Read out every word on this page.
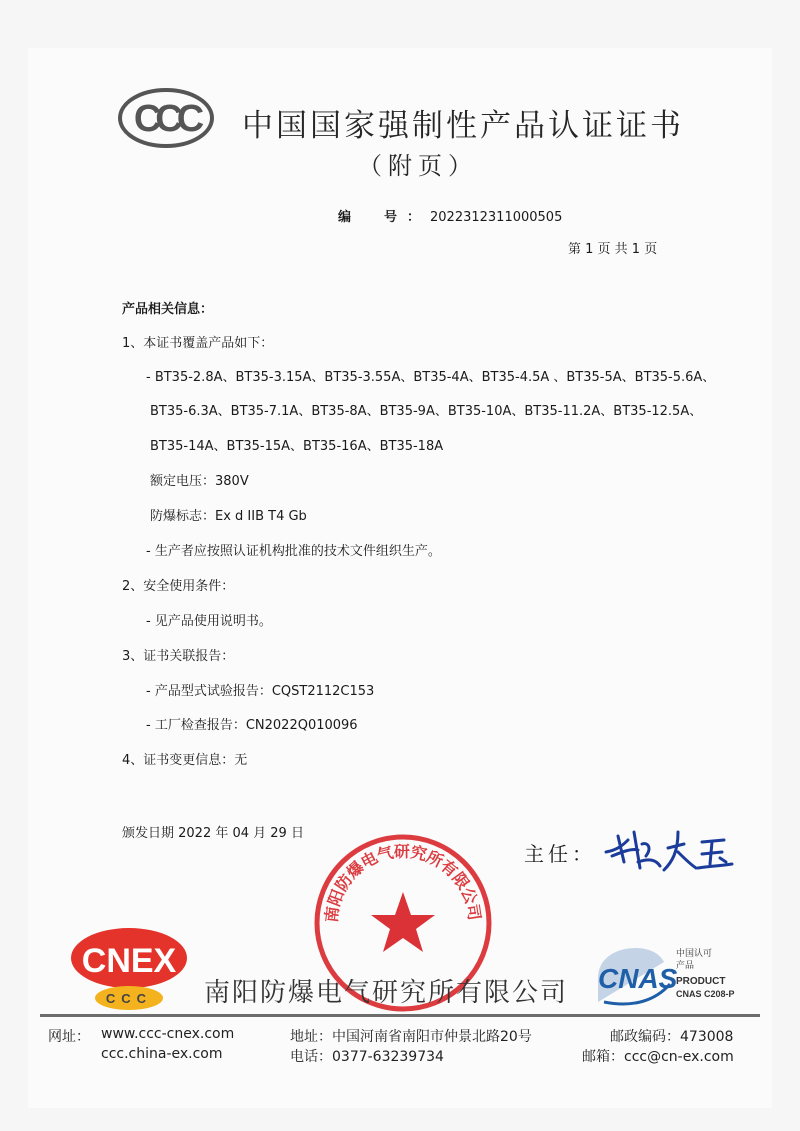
CCC 中国国家强制性产品认证证书
（附页）
编　号：2022312311000505
第 1 页 共 1 页
产品相关信息：
1、本证书覆盖产品如下：
- BT35-2.8A、BT35-3.15A、BT35-3.55A、BT35-4A、BT35-4.5A 、BT35-5A、BT35-5.6A、
BT35-6.3A、BT35-7.1A、BT35-8A、BT35-9A、BT35-10A、BT35-11.2A、BT35-12.5A、
BT35-14A、BT35-15A、BT35-16A、BT35-18A
额定电压：380V
防爆标志：Ex d IIB T4 Gb
- 生产者应按照认证机构批准的技术文件组织生产。
2、安全使用条件：
- 见产品使用说明书。
3、证书关联报告：
- 产品型式试验报告：CQST2112C153
- 工厂检查报告：CN2022Q010096
4、证书变更信息：无
颁发日期 2022 年 04 月 29 日
南阳防爆电气研究所有限公司
主任：
CNEX
CCC 南阳防爆电气研究所有限公司 CNAS
中国认可
产品
PRODUCT
CNAS C208-P
网址： www.ccc-cnex.com
ccc.china-ex.com
地址：中国河南省南阳市仲景北路20号
电话：0377-63239734
邮政编码：473008
邮箱：ccc@cn-ex.com
